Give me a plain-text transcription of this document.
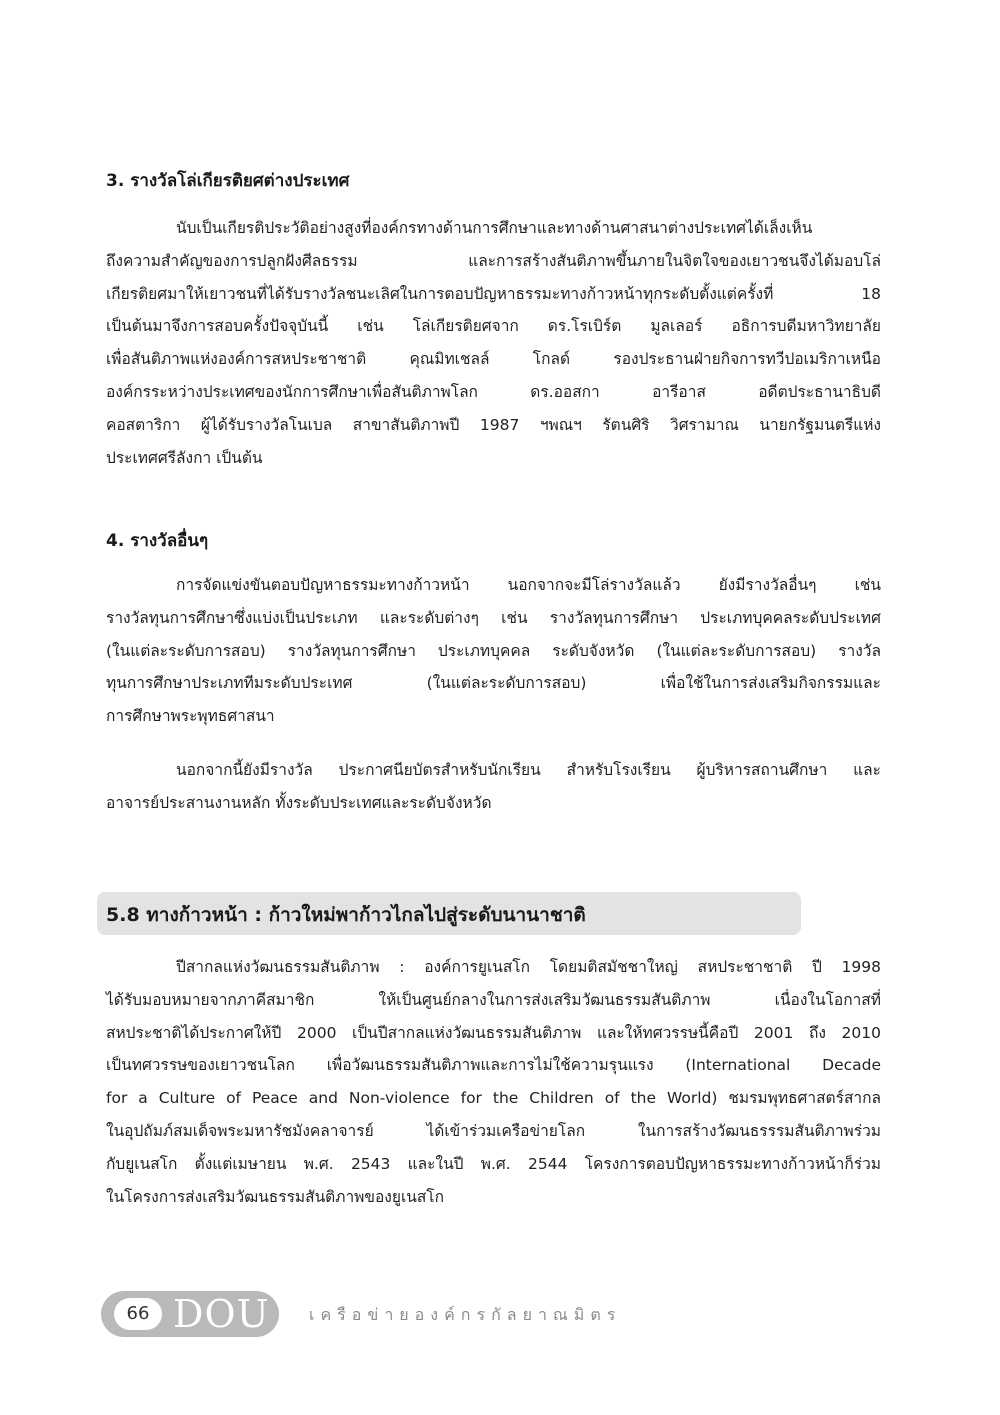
3. รางวัลโล่เกียรติยศต่างประเทศ
นับเป็นเกียรติประวัติอย่างสูงที่องค์กรทางด้านการศึกษาและทางด้านศาสนาต่างประเทศได้เล็งเห็น
ถึงความสำคัญของการปลูกฝังศีลธรรม และการสร้างสันติภาพขึ้นภายในจิตใจของเยาวชนจึงได้มอบโล่
เกียรติยศมาให้เยาวชนที่ได้รับรางวัลชนะเลิศในการตอบปัญหาธรรมะทางก้าวหน้าทุกระดับตั้งแต่ครั้งที่ 18
เป็นต้นมาจึงการสอบครั้งปัจจุบันนี้ เช่น โล่เกียรติยศจาก ดร.โรเบิร์ต มูลเลอร์ อธิการบดีมหาวิทยาลัย
เพื่อสันติภาพแห่งองค์การสหประชาชาติ คุณมิทเชลล์ โกลด์ รองประธานฝ่ายกิจการทวีปอเมริกาเหนือ
องค์กรระหว่างประเทศของนักการศึกษาเพื่อสันติภาพโลก ดร.ออสกา อารีอาส อดีตประธานาธิบดี
คอสตาริกา ผู้ได้รับรางวัลโนเบล สาขาสันติภาพปี 1987 ฯพณฯ รัตนศิริ วิศรามาณ นายกรัฐมนตรีแห่ง
ประเทศศรีลังกา เป็นต้น
4. รางวัลอื่นๆ
การจัดแข่งขันตอบปัญหาธรรมะทางก้าวหน้า นอกจากจะมีโล่รางวัลแล้ว ยังมีรางวัลอื่นๆ เช่น
รางวัลทุนการศึกษาซึ่งแบ่งเป็นประเภท และระดับต่างๆ เช่น รางวัลทุนการศึกษา ประเภทบุคคลระดับประเทศ
(ในแต่ละระดับการสอบ) รางวัลทุนการศึกษา ประเภทบุคคล ระดับจังหวัด (ในแต่ละระดับการสอบ) รางวัล
ทุนการศึกษาประเภททีมระดับประเทศ (ในแต่ละระดับการสอบ) เพื่อใช้ในการส่งเสริมกิจกรรมและ
การศึกษาพระพุทธศาสนา
นอกจากนี้ยังมีรางวัล ประกาศนียบัตรสำหรับนักเรียน สำหรับโรงเรียน ผู้บริหารสถานศึกษา และ
อาจารย์ประสานงานหลัก ทั้งระดับประเทศและระดับจังหวัด
5.8 ทางก้าวหน้า : ก้าวใหม่พาก้าวไกลไปสู่ระดับนานาชาติ
ปีสากลแห่งวัฒนธรรมสันติภาพ : องค์การยูเนสโก โดยมติสมัชชาใหญ่ สหประชาชาติ ปี 1998
ได้รับมอบหมายจากภาคีสมาชิก ให้เป็นศูนย์กลางในการส่งเสริมวัฒนธรรมสันติภาพ เนื่องในโอกาสที่
สหประชาติได้ประกาศให้ปี 2000 เป็นปีสากลแห่งวัฒนธรรมสันติภาพ และให้ทศวรรษนี้คือปี 2001 ถึง 2010
เป็นทศวรรษของเยาวชนโลก เพื่อวัฒนธรรมสันติภาพและการไม่ใช้ความรุนแรง (International Decade
for a Culture of Peace and Non-violence for the Children of the World) ชมรมพุทธศาสตร์สากล
ในอุปถัมภ์สมเด็จพระมหารัชมังคลาจารย์ ได้เข้าร่วมเครือข่ายโลก ในการสร้างวัฒนธรรรมสันติภาพร่วม
กับยูเนสโก ตั้งแต่เมษายน พ.ศ. 2543 และในปี พ.ศ. 2544 โครงการตอบปัญหาธรรมะทางก้าวหน้าก็ร่วม
ในโครงการส่งเสริมวัฒนธรรมสันติภาพของยูเนสโก
66 DOU เครือข่ายองค์กรกัลยาณมิตร
